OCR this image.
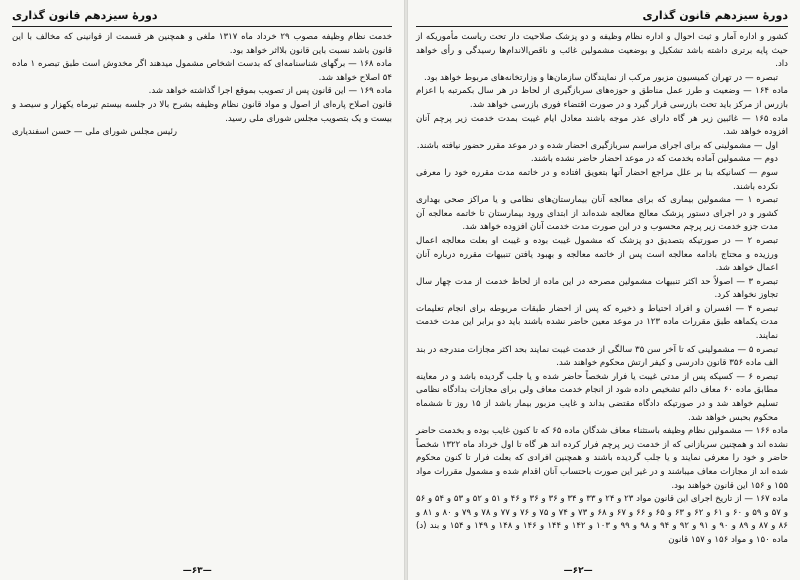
دورهٔ سیزدهم قانون گذاری

کشور و اداره آمار و ثبت احوال و اداره نظام وظیفه و دو پزشک صلاحیت دار تحت ریاست مأموریکه از حیث پایه برتری داشته باشد تشکیل و بوضعیت مشمولین غائب و ناقص‌الاندام‌ها رسیدگی و رأی خواهد داد.

تبصره — در تهران کمیسیون مزبور مرکب از نمایندگان سازمان‌ها و وزارتخانه‌های مربوط خواهد بود.

ماده ۱۶۴ — وضعیت و طرز عمل مناطق و حوزه‌های سربازگیری از لحاظ در هر سال بکمرتبه با اعزام بازرس از مرکز باید تحت بازرسی قرار گیرد و در صورت اقتضاء فوری بازرسی خواهد شد.

ماده ۱۶۵ — غائبین زیر هر گاه دارای عذر موجه باشند معادل ایام غیبت بمدت خدمت زیر پرچم آنان افزوده خواهد شد.

اول — مشمولینی که برای اجرای مراسم سربازگیری احضار شده و در موعد مقرر حضور نیافته باشند.

دوم — مشمولین آماده بخدمت که در موعد احضار حاضر نشده باشند.

سوم — کسانیکه بنا بر علل مراجع احضار آنها بتعویق افتاده و در خاتمه مدت مقرره خود را معرفی نکرده باشند.

تبصره ۱ — مشمولین بیماری که برای معالجه آنان بیمارستان‌های نظامی و یا مراکز صحی بهداری کشور و در اجرای دستور پزشک معالج معالجه شده‌اند از ابتدای ورود بیمارستان تا خاتمه معالجه آن مدت جزو خدمت زیر پرچم محسوب و در این صورت مدت خدمت آنان افزوده خواهد شد.

تبصره ۲ — در صورتیکه بتصدیق دو پزشک که مشمول غیبت بوده و غیبت او بعلت معالجه اعمال ورزیده و محتاج بادامه معالجه است پس از خاتمه معالجه و بهبود یافتن تنبیهات مقرره درباره آنان اعمال خواهد شد.

تبصره ۳ — اصولاً حد اکثر تنبیهات مشمولین مصرحه در این ماده از لحاظ خدمت از مدت چهار سال تجاوز نخواهد کرد.

تبصره ۴ — افسران و افراد احتیاط و ذخیره که پس از احضار طبقات مربوطه برای انجام تعلیمات مدت یکماهه طبق مقررات ماده ۱۲۳ در موعد معین حاضر نشده باشند باید دو برابر این مدت خدمت نمایند.

تبصره ۵ — مشمولینی که تا آخر سن ۳۵ سالگی از خدمت غیبت نمایند بحد اکثر مجازات مندرجه در بند الف ماده ۳۵۶ قانون دادرسی و کیفر ارتش محکوم خواهند شد.

تبصره ۶ — کسیکه پس از مدتی غیبت یا فرار شخصاً حاضر شده و یا جلب گردیده باشد و در معاینه مطابق ماده ۶۰ معاف دائم تشخیص داده شود از انجام خدمت معاف ولی برای مجازات بدادگاه نظامی تسلیم خواهد شد و در صورتیکه دادگاه مقتضی بداند و غایب مزبور بیمار باشد از ۱۵ روز تا ششماه محکوم بحبس خواهد شد.

ماده ۱۶۶ — مشمولین نظام وظیفه باستثناء معاف شدگان ماده ۶۵ که تا کنون غایب بوده و بخدمت حاضر نشده اند و همچنین سربازانی که از خدمت زیر پرچم فرار کرده اند هر گاه تا اول خرداد ماه ۱۳۲۲ شخصاً حاضر و خود را معرفی نمایند و یا جلب گردیده باشند و همچنین افرادی که بعلت فرار تا کنون محکوم شده اند از مجازات معاف میباشند و در غیر این صورت باحتساب آنان اقدام شده و مشمول مقررات مواد ۱۵۵ و ۱۵۶ این قانون خواهند بود.

ماده ۱۶۷ — از تاریخ اجرای این قانون مواد ۲۳ و ۲۴ و ۳۳ و ۳۴ و ۳۶ و ۳۶ و ۴۶ و ۵۱ و ۵۲ و ۵۳ و ۵۴ و ۵۶ و ۵۷ و ۵۹ و ۶۰ و ۶۱ و ۶۲ و ۶۳ و ۶۵ و ۶۶ و ۶۷ و ۶۸ و ۷۳ و ۷۴ و ۷۵ و ۷۶ و ۷۷ و ۷۸ و ۷۹ و ۸۰ و ۸۱ و ۸۶ و ۸۷ و ۸۹ و ۹۰ و ۹۱ و ۹۲ و ۹۴ و ۹۸ و ۹۹ و ۱۰۳ و ۱۴۲ و ۱۴۴ و ۱۴۶ و ۱۴۸ و ۱۴۹ و ۱۵۴ و بند (د) ماده ۱۵۰ و مواد ۱۵۶ و ۱۵۷ قانون

—۶۲—
دورهٔ سیزدهم قانون گذاری

خدمت نظام وظیفه مصوب ۲۹ خرداد ماه ۱۳۱۷ ملغی و همچنین هر قسمت از قوانینی که مخالف با این قانون باشد نسبت باین قانون بلااثر خواهد بود.

ماده ۱۶۸ — برگهای شناسنامه‌ای که بدست اشخاص مشمول میدهند اگر مخدوش است طبق تبصره ۱ ماده ۵۴ اصلاح خواهد شد.

ماده ۱۶۹ — این قانون پس از تصویب بموقع اجرا گذاشته خواهد شد.

قانون اصلاح پاره‌ای از اصول و مواد قانون نظام وظیفه بشرح بالا در جلسه بیستم تیرماه یکهزار و سیصد و بیست و یک بتصویب مجلس شورای ملی رسید.

رئیس مجلس شورای ملی — حسن اسفندیاری
—۶۳—
